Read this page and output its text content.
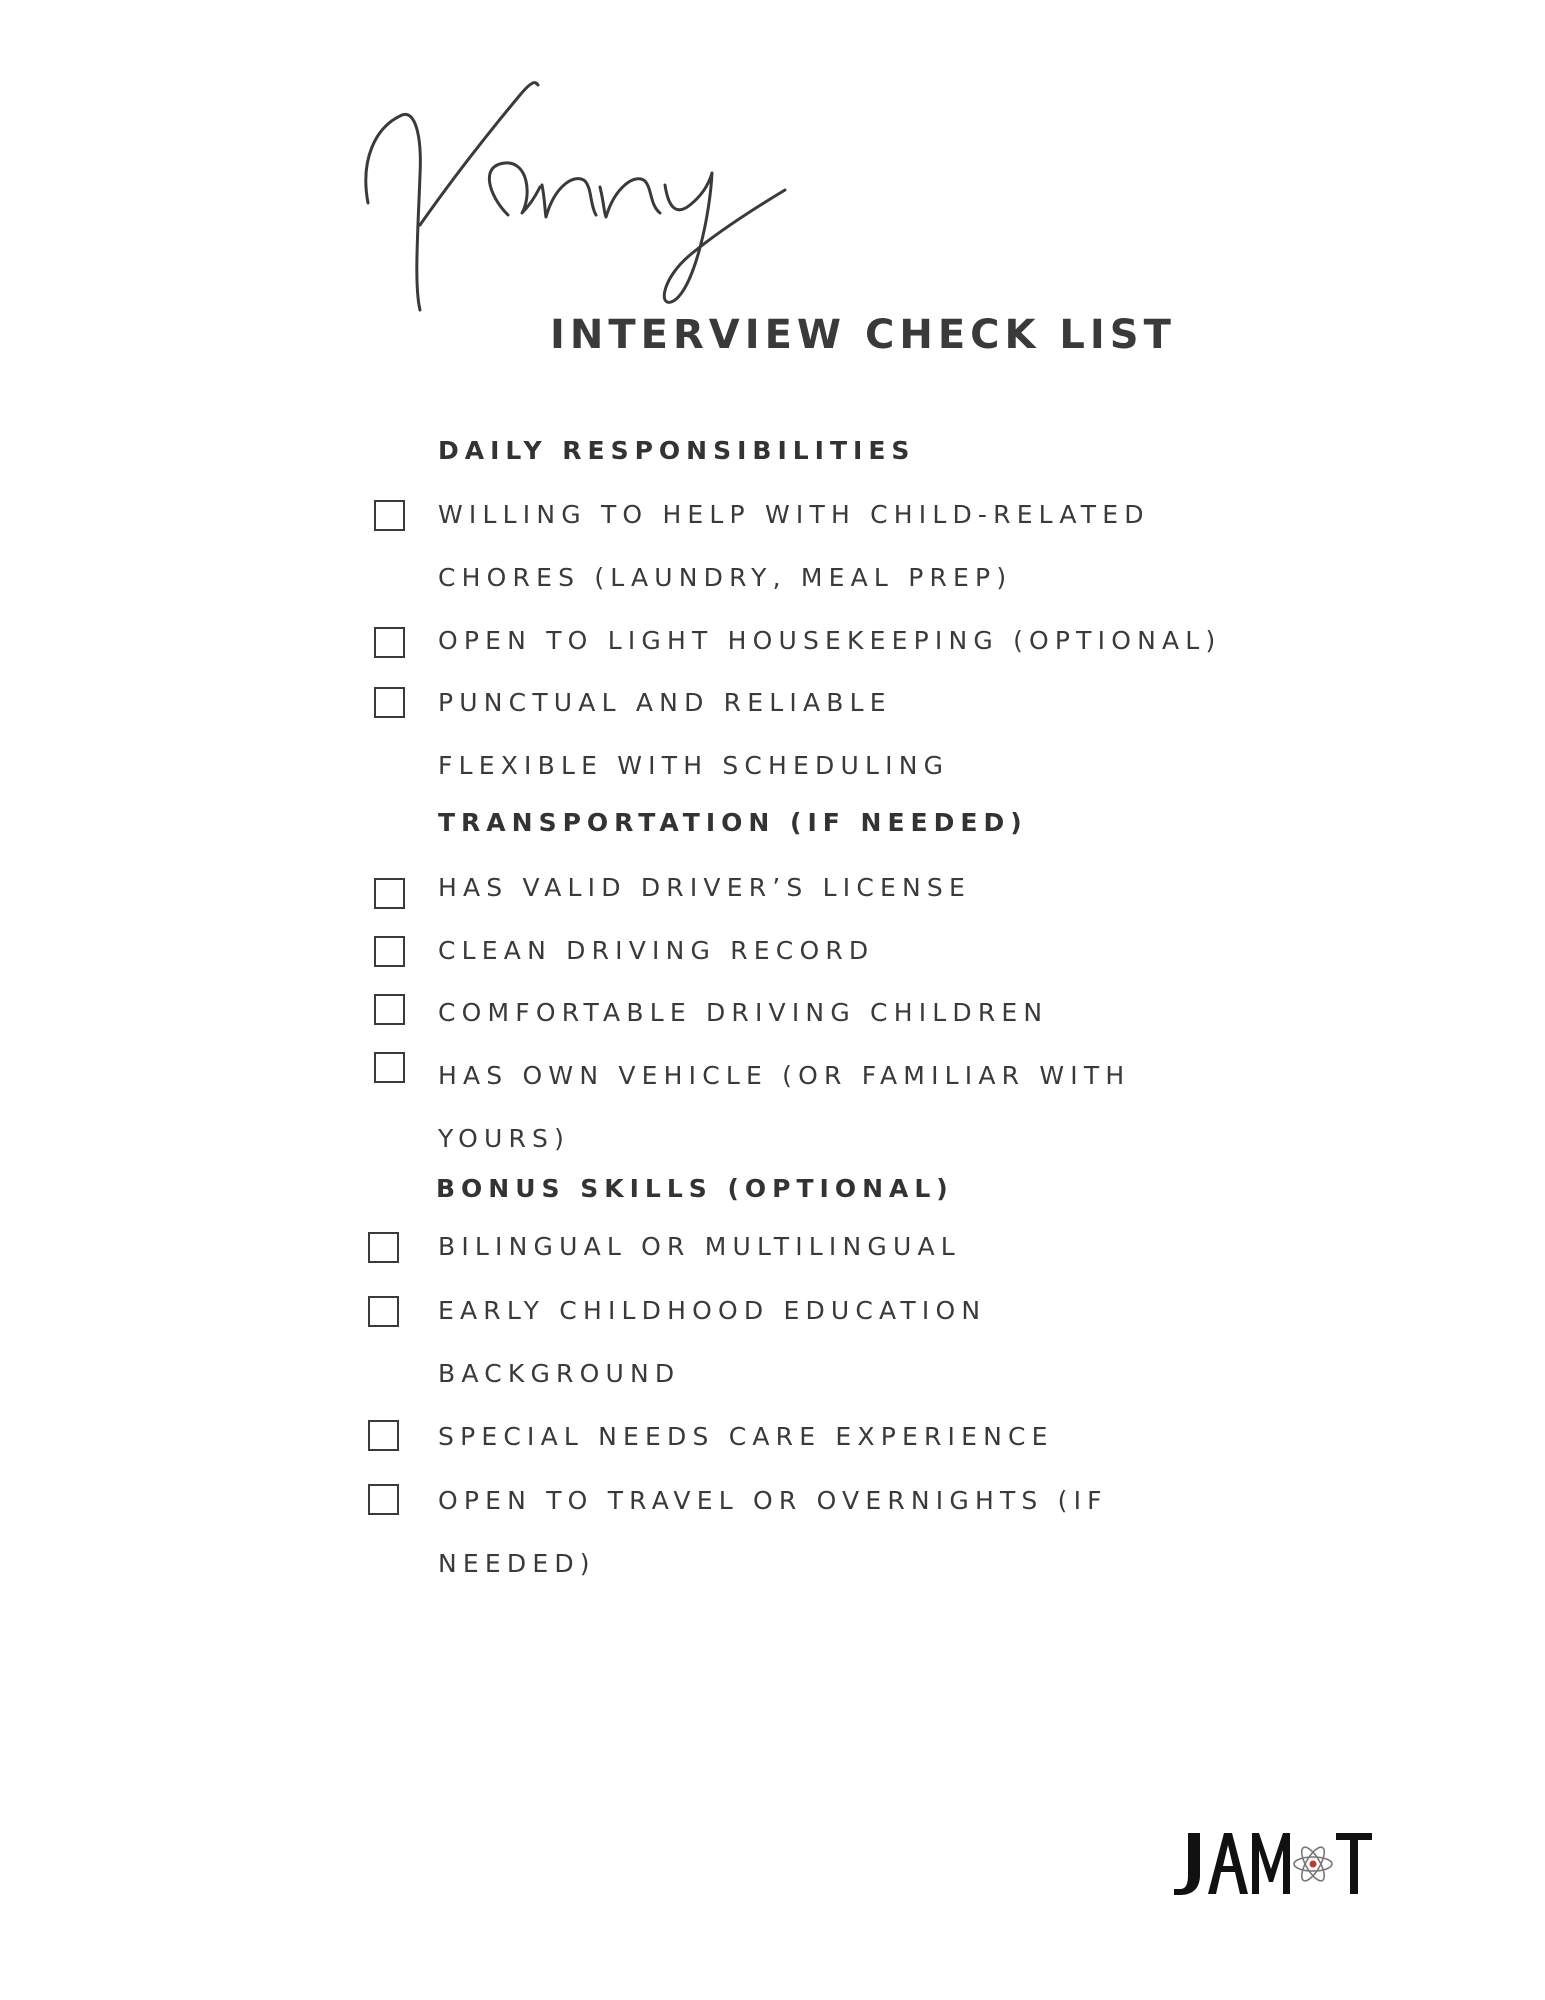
INTERVIEW CHECK LIST
DAILY RESPONSIBILITIES
WILLING TO HELP WITH CHILD-RELATED
CHORES (LAUNDRY, MEAL PREP)
OPEN TO LIGHT HOUSEKEEPING (OPTIONAL)
PUNCTUAL AND RELIABLE
FLEXIBLE WITH SCHEDULING
TRANSPORTATION (IF NEEDED)
HAS VALID DRIVER’S LICENSE
CLEAN DRIVING RECORD
COMFORTABLE DRIVING CHILDREN
HAS OWN VEHICLE (OR FAMILIAR WITH
YOURS)
BONUS SKILLS (OPTIONAL)
BILINGUAL OR MULTILINGUAL
EARLY CHILDHOOD EDUCATION
BACKGROUND
SPECIAL NEEDS CARE EXPERIENCE
OPEN TO TRAVEL OR OVERNIGHTS (IF
NEEDED)
